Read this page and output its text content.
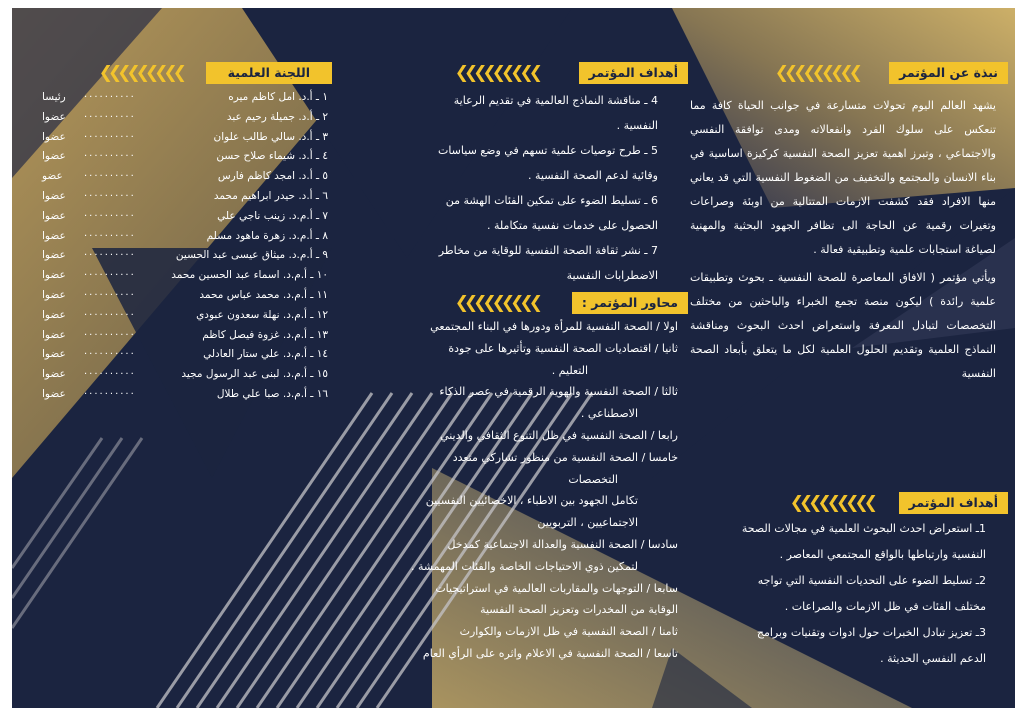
نبذة عن المؤتمر
❮❮❮❮❮❮❮❮❮

يشهد العالم اليوم تحولات متسارعة في جوانب الحياة كافة مما تنعكس على سلوك الفرد وانفعالاته ومدى توافقة النفسي والاجتماعي ، وتبرز اهمية تعزيز الصحة النفسية كركيزة اساسية في بناء الانسان والمجتمع والتخفيف من الضغوط النفسية التي قد يعاني منها الافراد فقد كشفت الازمات المتتالية من اوبئة وصراعات وتغيرات رقمية عن الحاجة الى تظافر الجهود البحثية والمهنية لصياغة استجابات علمية وتطبيقية فعالة .

ويأتي مؤتمر ( الافاق المعاصرة للصحة النفسية ـ بحوث وتطبيقات علمية رائدة ) ليكون منصة تجمع الخبراء والباحثين من مختلف التخصصات لتبادل المعرفة واستعراض احدث البحوث ومناقشة النماذج العلمية وتقديم الحلول العلمية لكل ما يتعلق بأبعاد الصحة النفسية

أهداف المؤتمر
❮❮❮❮❮❮❮❮❮

1ـ استعراض احدث البحوث العلمية في مجالات الصحة

النفسية وارتباطها بالواقع المجتمعي المعاصر .

2ـ تسليط الضوء على التحديات النفسية التي تواجه

مختلف الفئات في ظل الازمات والصراعات .

3ـ تعزيز تبادل الخبرات حول ادوات وتقنيات وبرامج

الدعم النفسي الحديثة .

أهداف المؤتمر
❮❮❮❮❮❮❮❮❮

4 ـ مناقشة النماذج العالمية في تقديم الرعاية

النفسية .

5 ـ طرح توصيات علمية تسهم في وضع سياسات

وقائية لدعم الصحة النفسية .

6 ـ تسليط الضوء على تمكين الفئات الهشة من

الحصول على خدمات نفسية متكاملة .

7 ـ نشر ثقافة الصحة النفسية للوقاية من مخاطر

الاضطرابات النفسية

محاور المؤتمر :
❮❮❮❮❮❮❮❮❮

اولا / الصحة النفسية للمرأة ودورها في البناء المجتمعي

ثانيا / اقتصاديات الصحة النفسية وتأثيرها على جودة

التعليم .

ثالثا / الصحة النفسية والهوية الرقمية في عصر الذكاء

الاصطناعي .

رابعا / الصحة النفسية في ظل التنوع الثقافي والديني

خامسا / الصحة النفسية من منظور تشاركي متعدد

التخصصات

تكامل الجهود بين الاطباء ، الاخصائيين النفسيين

الاجتماعيين ، التربويين

سادسا / الصحة النفسية والعدالة الاجتماعية كمدخل

لتمكين ذوي الاحتياجات الخاصة والفئات المهمشة .

سابعا / التوجهات والمقاربات العالمية في استراتيجيات

الوقاية من المخدرات وتعزيز الصحة النفسية

ثامنا / الصحة النفسية في ظل الازمات والكوارث

تاسعا / الصحة النفسية في الاعلام واثره على الرأي العام

اللجنة العلمية
❮❮❮❮❮❮❮❮❮
١ ـ أ.د. امل كاظم ميره
..........
رئيسا
٢ ـ أ.د. جميلة رحيم عبد
..........
عضوا
٣ ـ أ.د. سالي طالب علوان
..........
عضوا
٤ ـ أ.د. شيماء صلاح حسن
..........
عضوا
٥ ـ أ.د. امجد كاظم فارس
..........
عضو
٦ ـ أ.د. حيدر ابراهيم محمد
..........
عضوا
٧ ـ أ.م.د. زينب ناجي علي
..........
عضوا
٨ ـ أ.م.د. زهرة ماهود مسلم
..........
عضوا
٩ ـ أ.م.د. ميثاق عيسى عبد الحسين
..........
عضوا
١٠ ـ أ.م.د. اسماء عبد الحسين محمد
..........
عضوا
١١ ـ أ.م.د. محمد عباس محمد
..........
عضوا
١٢ ـ أ.م.د. نهلة سعدون عبودي
..........
عضوا
١٣ ـ أ.م.د. غزوة فيصل كاظم
..........
عضوا
١٤ ـ أ.م.د. علي ستار العادلي
..........
عضوا
١٥ ـ أ.م.د. لبنى عبد الرسول مجيد
..........
عضوا
١٦ ـ أ.م.د. صبا علي طلال
..........
عضوا
